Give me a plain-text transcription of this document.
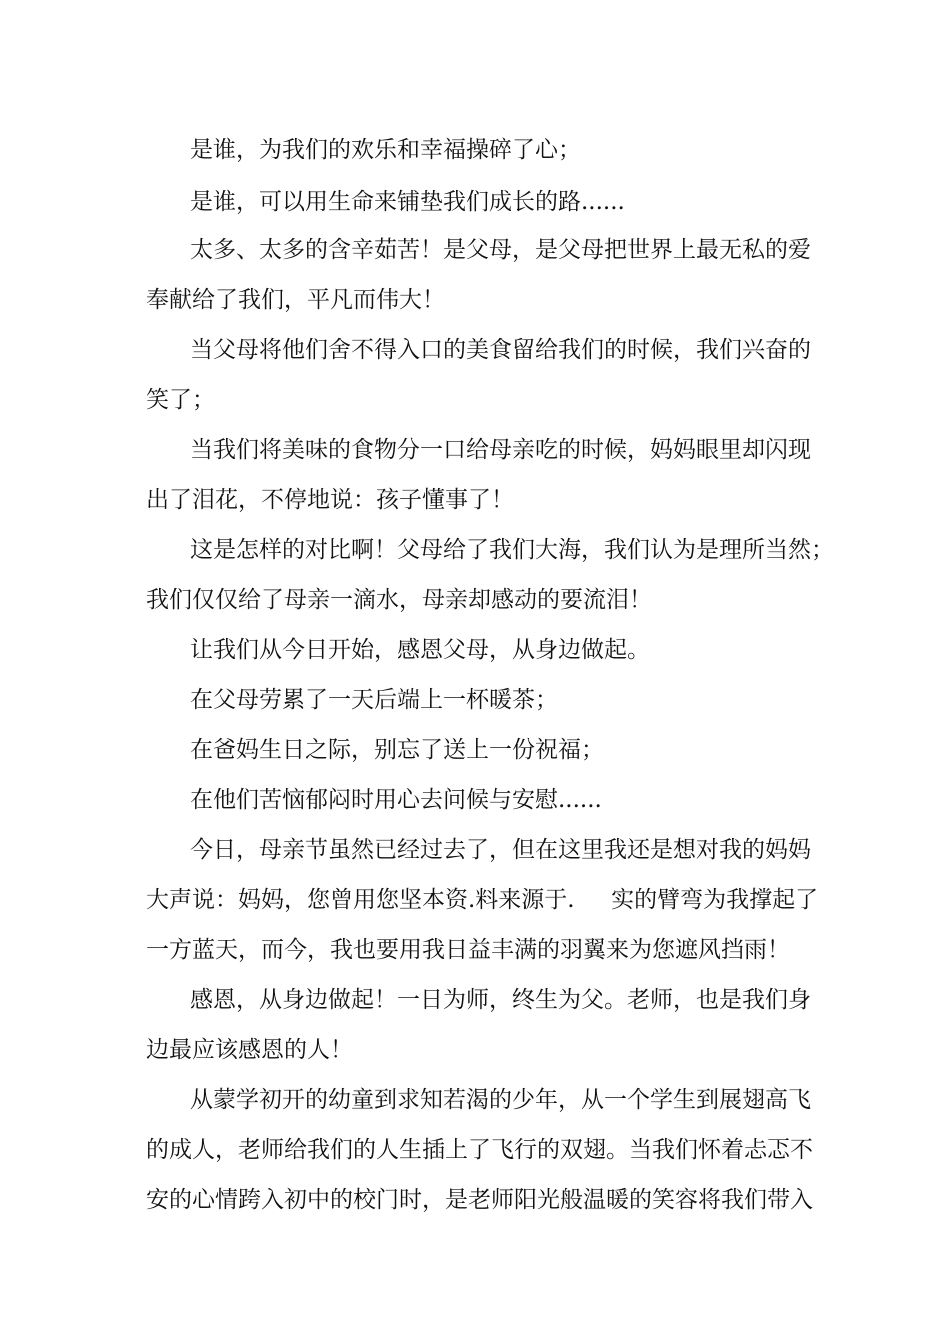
是谁，为我们的欢乐和幸福操碎了心；
是谁，可以用生命来铺垫我们成长的路......
太多、太多的含辛茹苦！是父母，是父母把世界上最无私的爱
奉献给了我们，平凡而伟大！
当父母将他们舍不得入口的美食留给我们的时候，我们兴奋的
笑了；
当我们将美味的食物分一口给母亲吃的时候，妈妈眼里却闪现
出了泪花，不停地说：孩子懂事了！
这是怎样的对比啊！父母给了我们大海，我们认为是理所当然；
我们仅仅给了母亲一滴水，母亲却感动的要流泪！
让我们从今日开始，感恩父母，从身边做起。
在父母劳累了一天后端上一杯暖茶；
在爸妈生日之际，别忘了送上一份祝福；
在他们苦恼郁闷时用心去问候与安慰......
今日，母亲节虽然已经过去了，但在这里我还是想对我的妈妈
大声说：妈妈，您曾用您坚本资.料来源于.     实的臂弯为我撑起了
一方蓝天，而今，我也要用我日益丰满的羽翼来为您遮风挡雨！
感恩，从身边做起！一日为师，终生为父。老师，也是我们身
边最应该感恩的人！
从蒙学初开的幼童到求知若渴的少年，从一个学生到展翅高飞
的成人，老师给我们的人生插上了飞行的双翅。当我们怀着忐忑不
安的心情跨入初中的校门时，是老师阳光般温暖的笑容将我们带入
